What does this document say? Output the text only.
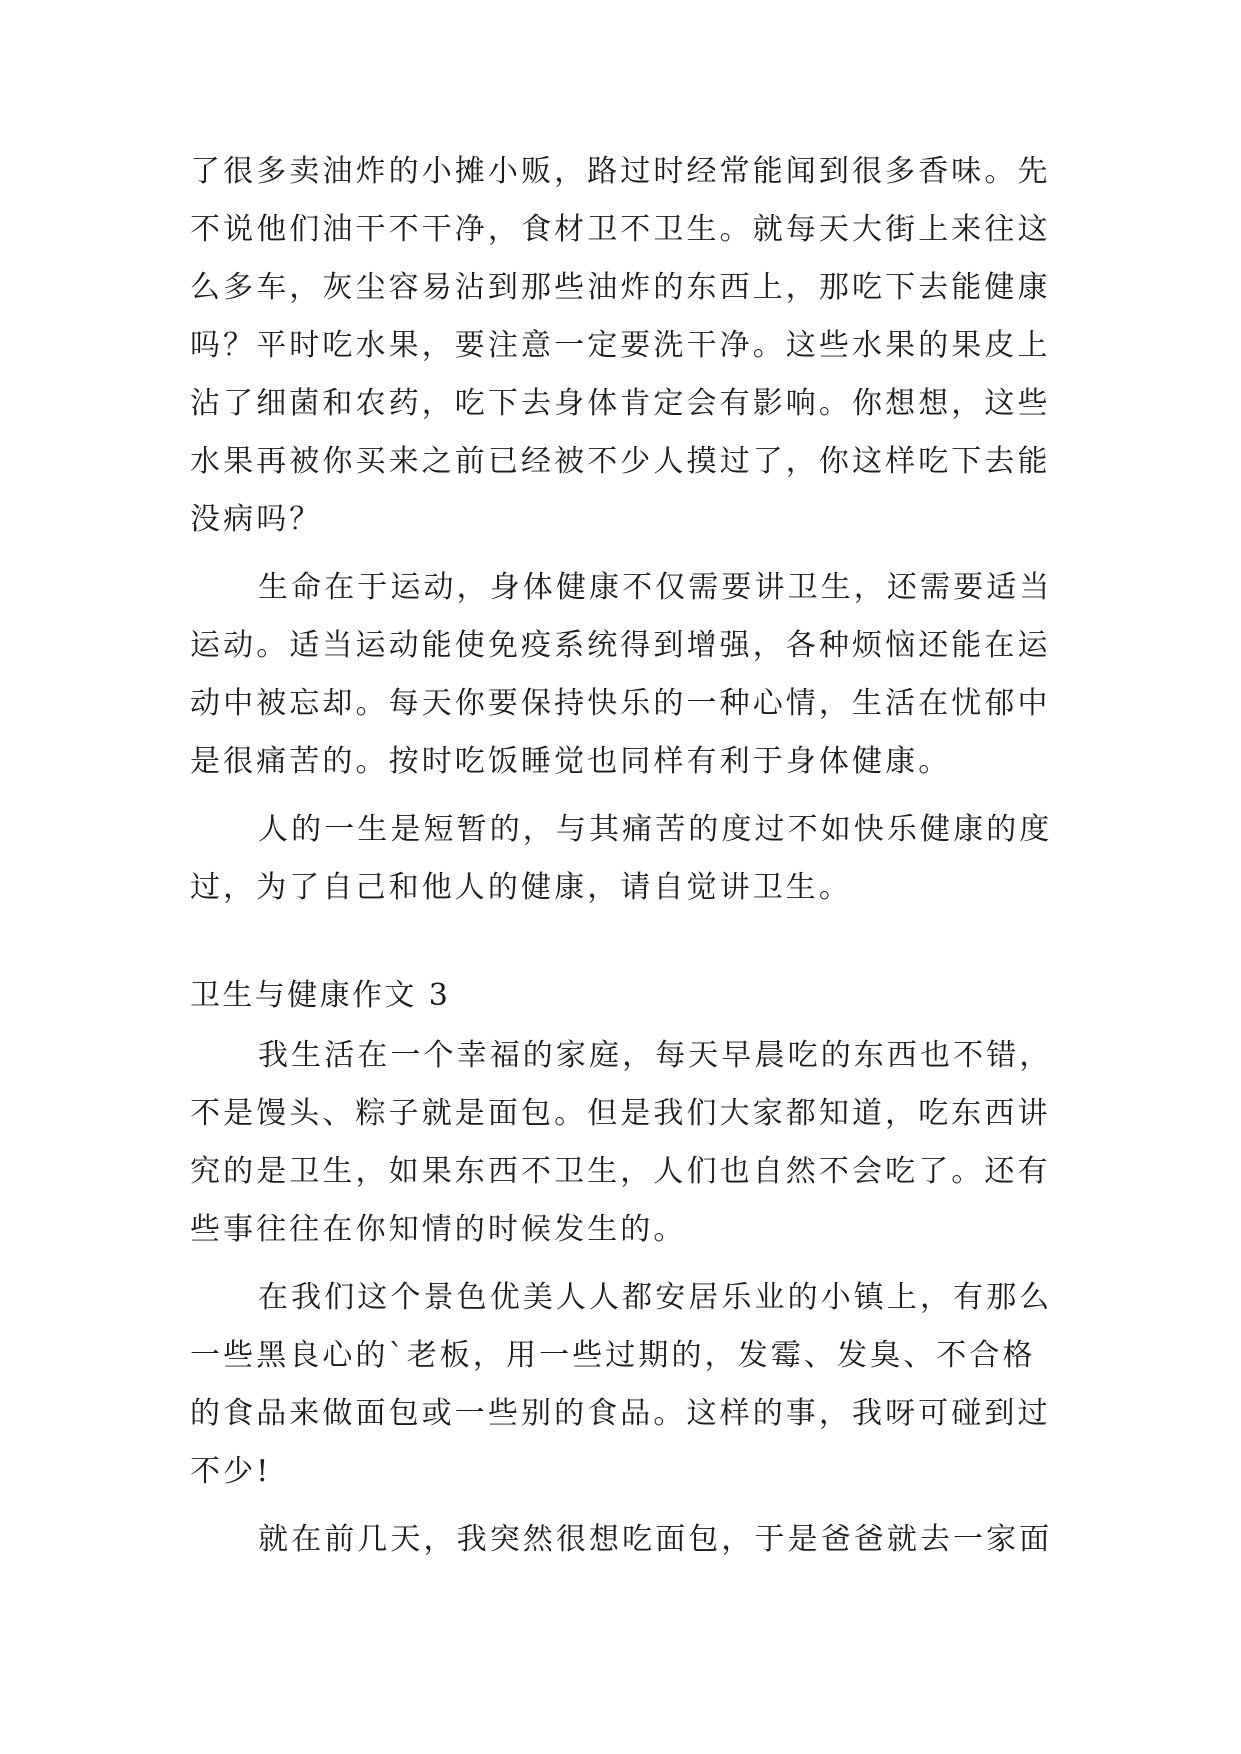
了很多卖油炸的小摊小贩，路过时经常能闻到很多香味。先
不说他们油干不干净，食材卫不卫生。就每天大街上来往这
么多车，灰尘容易沾到那些油炸的东西上，那吃下去能健康
吗？平时吃水果，要注意一定要洗干净。这些水果的果皮上
沾了细菌和农药，吃下去身体肯定会有影响。你想想，这些
水果再被你买来之前已经被不少人摸过了，你这样吃下去能
没病吗？
生命在于运动，身体健康不仅需要讲卫生，还需要适当
运动。适当运动能使免疫系统得到增强，各种烦恼还能在运
动中被忘却。每天你要保持快乐的一种心情，生活在忧郁中
是很痛苦的。按时吃饭睡觉也同样有利于身体健康。
人的一生是短暂的，与其痛苦的度过不如快乐健康的度
过，为了自己和他人的健康，请自觉讲卫生。
卫生与健康作文 3
我生活在一个幸福的家庭，每天早晨吃的东西也不错，
不是馒头、粽子就是面包。但是我们大家都知道，吃东西讲
究的是卫生，如果东西不卫生，人们也自然不会吃了。还有
些事往往在你知情的时候发生的。
在我们这个景色优美人人都安居乐业的小镇上，有那么
一些黑良心的`老板，用一些过期的，发霉、发臭、不合格
的食品来做面包或一些别的食品。这样的事，我呀可碰到过
不少!
就在前几天，我突然很想吃面包，于是爸爸就去一家面
